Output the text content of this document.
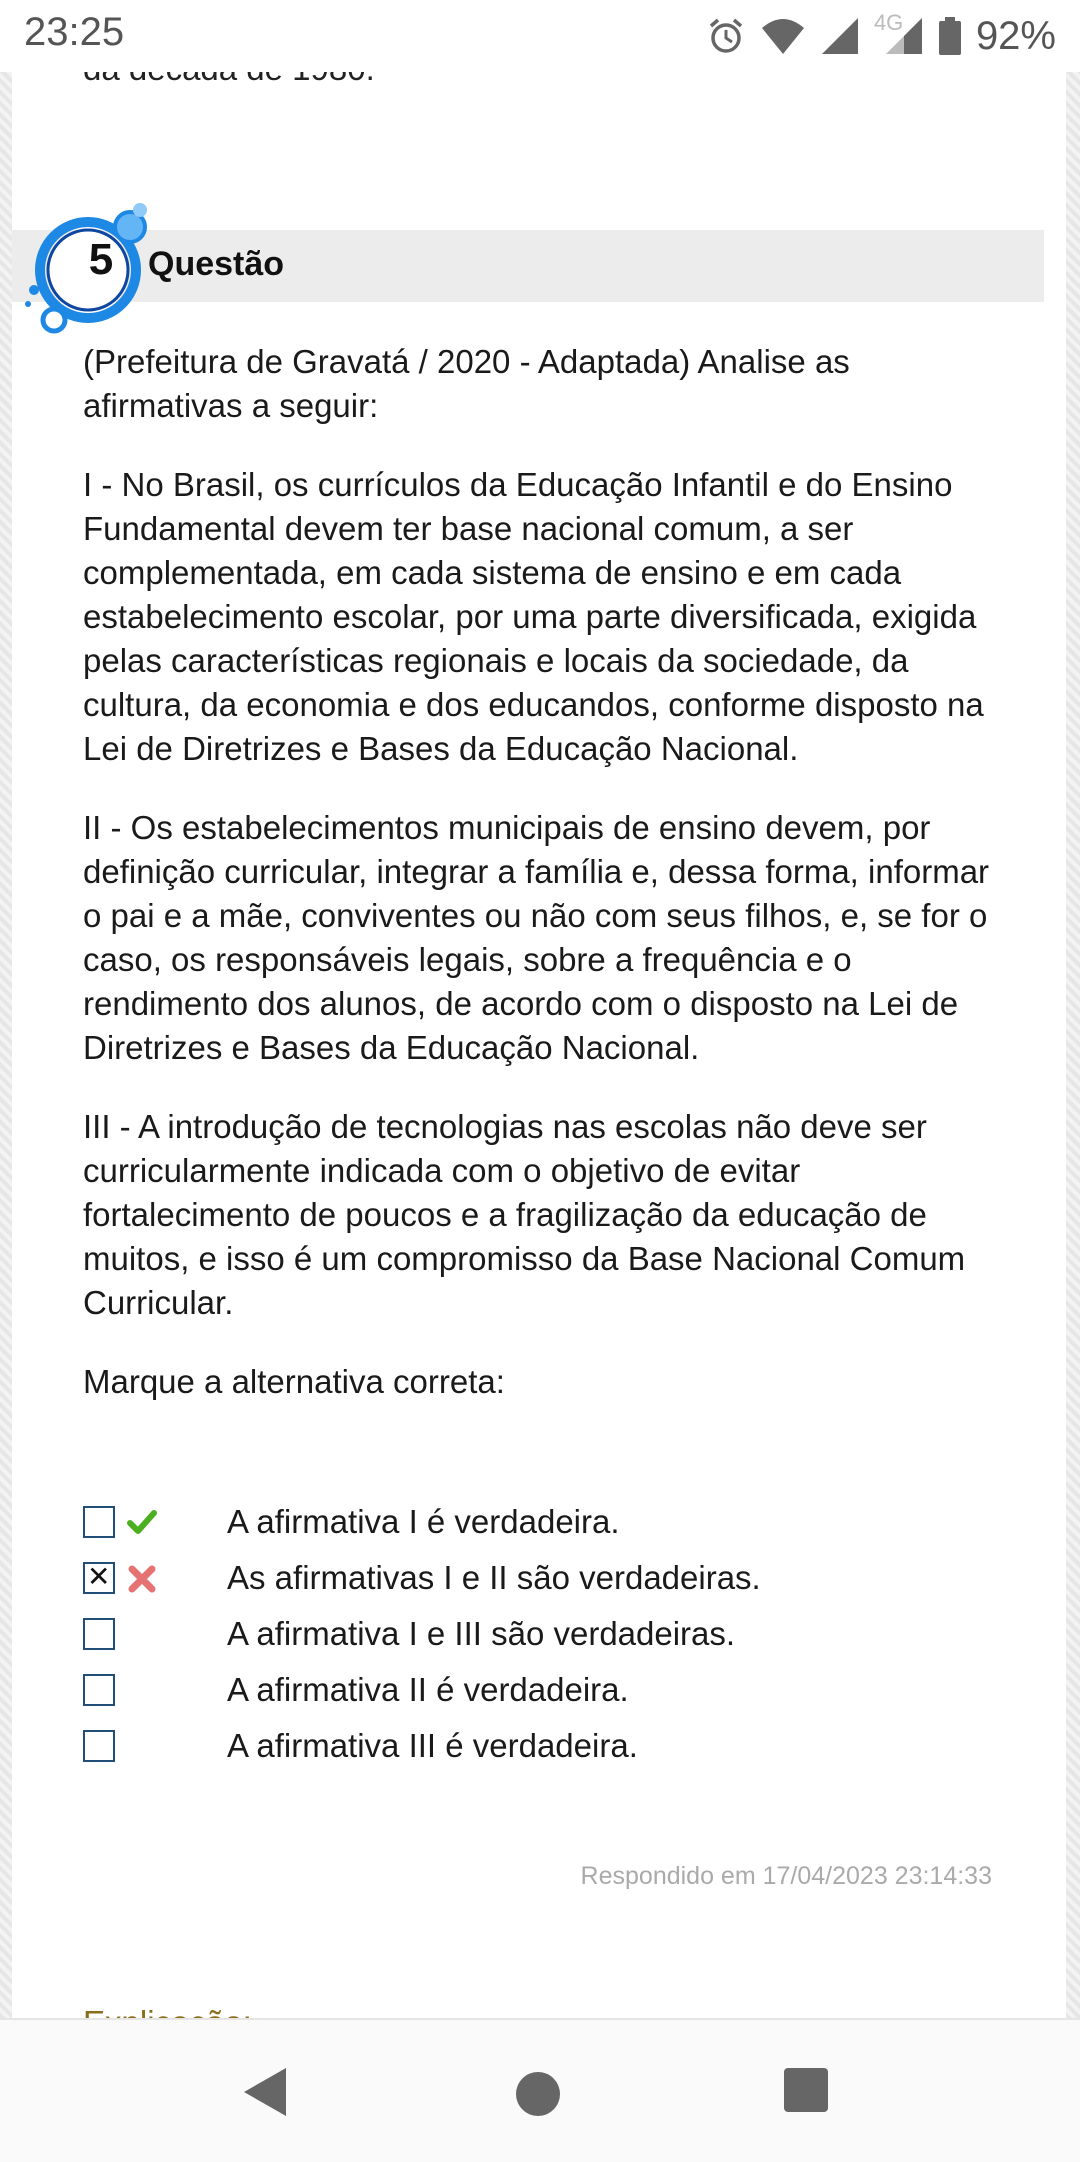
23:25	4G 92%
5	Questão

(Prefeitura de Gravatá / 2020 - Adaptada) Analise as afirmativas a seguir:

I - No Brasil, os currículos da Educação Infantil e do Ensino Fundamental devem ter base nacional comum, a ser complementada, em cada sistema de ensino e em cada estabelecimento escolar, por uma parte diversificada, exigida pelas características regionais e locais da sociedade, da cultura, da economia e dos educandos, conforme disposto na Lei de Diretrizes e Bases da Educação Nacional.

II - Os estabelecimentos municipais de ensino devem, por definição curricular, integrar a família e, dessa forma, informar o pai e a mãe, conviventes ou não com seus filhos, e, se for o caso, os responsáveis legais, sobre a frequência e o rendimento dos alunos, de acordo com o disposto na Lei de Diretrizes e Bases da Educação Nacional.

III - A introdução de tecnologias nas escolas não deve ser curricularmente indicada com o objetivo de evitar fortalecimento de poucos e a fragilização da educação de muitos, e isso é um compromisso da Base Nacional Comum Curricular.

Marque a alternativa correta:

A afirmativa I é verdadeira.
✕
As afirmativas I e II são verdadeiras.
A afirmativa I e III são verdadeiras.
A afirmativa II é verdadeira.
A afirmativa III é verdadeira.
Respondido em 17/04/2023 23:14:33
